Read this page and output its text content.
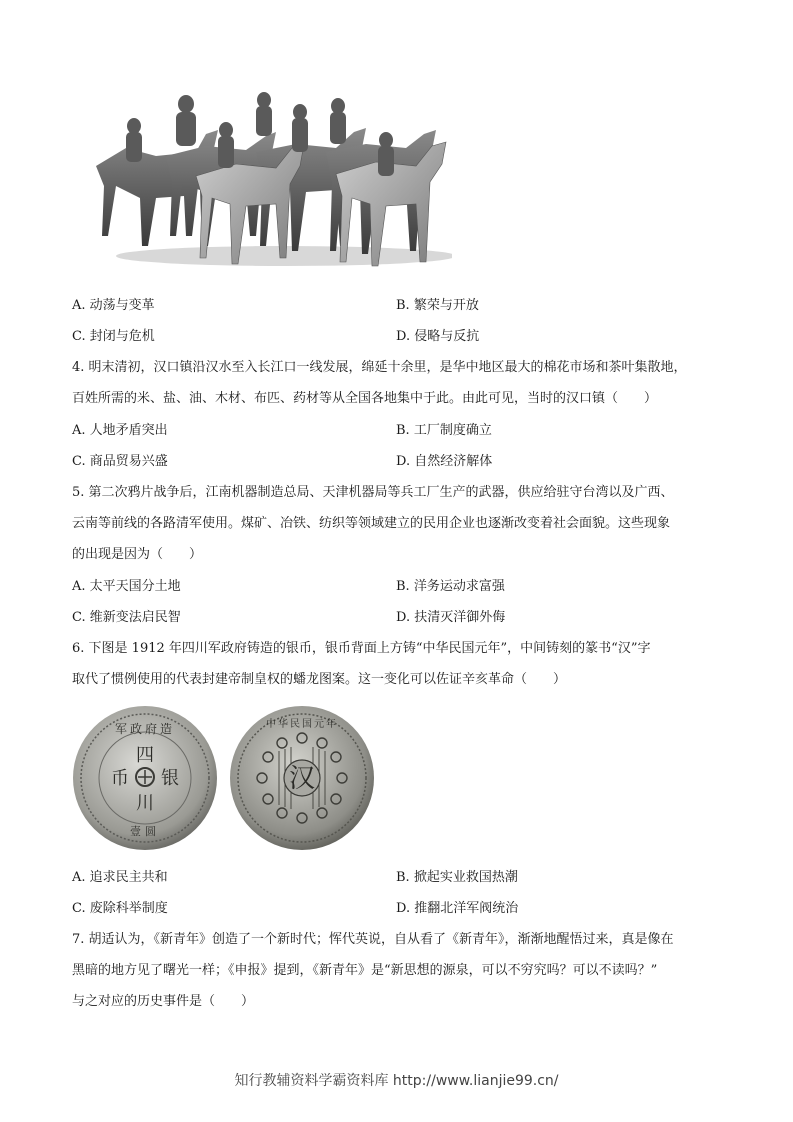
A. 动荡与变革	B. 繁荣与开放
C. 封闭与危机	D. 侵略与反抗
4. 明末清初，汉口镇沿汉水至入长江口一线发展，绵延十余里，是华中地区最大的棉花市场和茶叶集散地，
百姓所需的米、盐、油、木材、布匹、药材等从全国各地集中于此。由此可见，当时的汉口镇（　　）
A. 人地矛盾突出	B. 工厂制度确立
C. 商品贸易兴盛	D. 自然经济解体
5. 第二次鸦片战争后，江南机器制造总局、天津机器局等兵工厂生产的武器，供应给驻守台湾以及广西、
云南等前线的各路清军使用。煤矿、冶铁、纺织等领域建立的民用企业也逐渐改变着社会面貌。这些现象
的出现是因为（　　）
A. 太平天国分土地	B. 洋务运动求富强
C. 维新变法启民智	D. 扶清灭洋御外侮
6. 下图是 1912 年四川军政府铸造的银币，银币背面上方铸“中华民国元年”，中间铸刻的篆书“汉”字
取代了惯例使用的代表封建帝制皇权的蟠龙图案。这一变化可以佐证辛亥革命（　　）
军政府造
四
币 银
川
壹圆
中华民国元年
汉
A. 追求民主共和	B. 掀起实业救国热潮
C. 废除科举制度	D. 推翻北洋军阀统治
7. 胡适认为，《新青年》创造了一个新时代；恽代英说，自从看了《新青年》，渐渐地醒悟过来，真是像在
黑暗的地方见了曙光一样；《申报》提到，《新青年》是“新思想的源泉，可以不穷究吗？可以不读吗？”
与之对应的历史事件是（　　）
知行教辅资料学霸资料库 http://www.lianjie99.cn/
